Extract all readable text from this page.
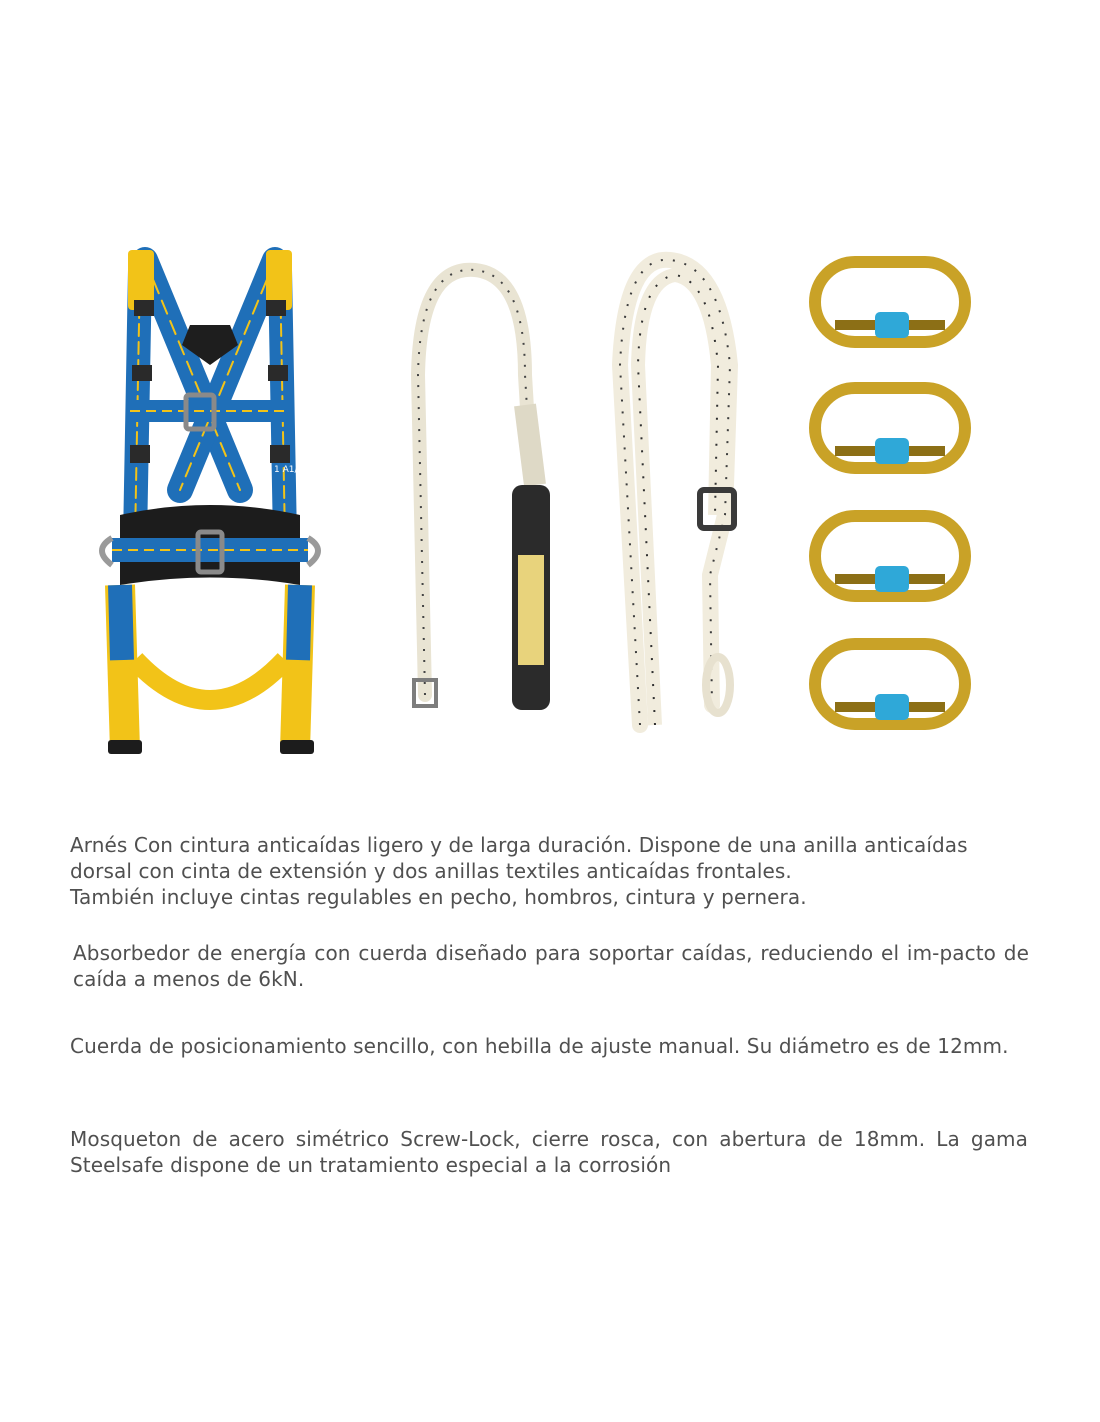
1 A1/2
Arnés Con cintura anticaídas ligero y de larga duración. Dispone de una anilla anticaídas
dorsal con cinta de extensión y dos anillas textiles anticaídas frontales.
También incluye cintas regulables en pecho, hombros, cintura y pernera.
Absorbedor de energía con cuerda diseñado para soportar caídas, reduciendo el im-pacto de caída a menos de 6kN.
Cuerda de posicionamiento sencillo, con hebilla de ajuste manual. Su diámetro es de 12mm.
Mosqueton de acero simétrico Screw-Lock, cierre rosca, con abertura de 18mm. La gama Steelsafe dispone de un tratamiento especial a la corrosión
